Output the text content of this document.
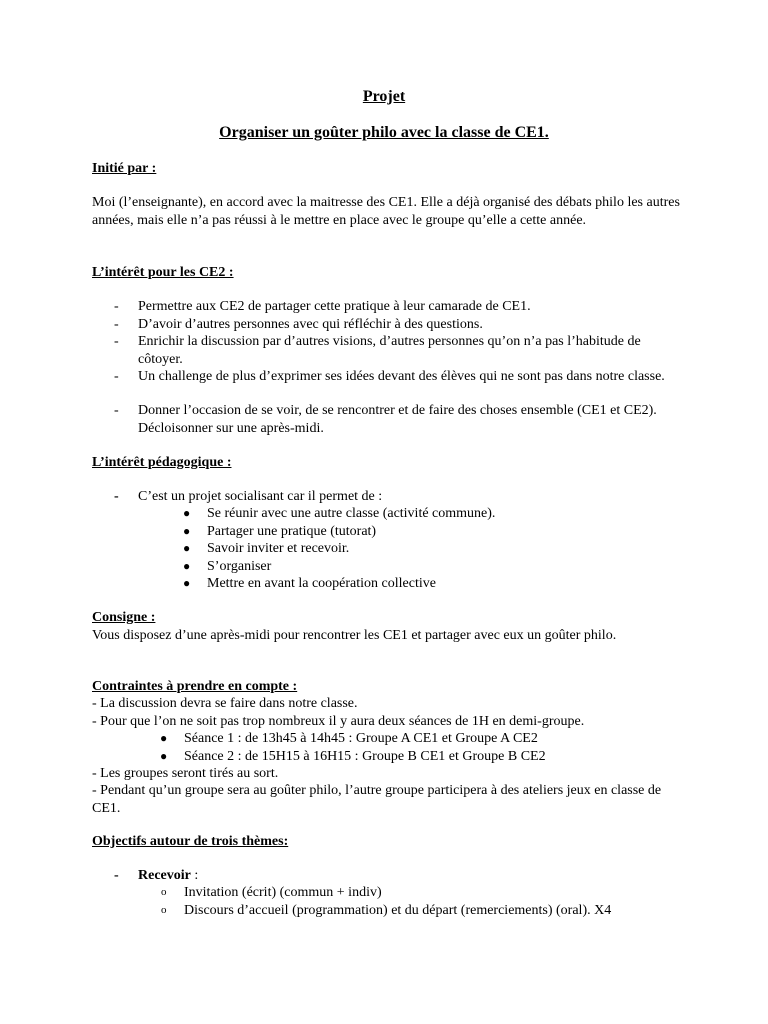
Projet
Organiser un goûter philo avec la classe de CE1.
Initié par :
Moi (l’enseignante), en accord avec la maitresse des CE1. Elle a déjà organisé des débats philo les autres années, mais elle n’a pas réussi à le mettre en place avec le groupe qu’elle a cette année.
L’intérêt pour les CE2 :
- Permettre aux CE2 de partager cette pratique à leur camarade de CE1.
- D’avoir d’autres personnes avec qui réfléchir à des questions.
- Enrichir la discussion par d’autres visions, d’autres personnes qu’on n’a pas l’habitude de côtoyer.
- Un challenge de plus d’exprimer ses idées devant des élèves qui ne sont pas dans notre classe.
- Donner l’occasion de se voir, de se rencontrer et de faire des choses ensemble (CE1 et CE2). Décloisonner sur une après-midi.
L’intérêt pédagogique :
- C’est un projet socialisant car il permet de :
● Se réunir avec une autre classe (activité commune).
● Partager une pratique (tutorat)
● Savoir inviter et recevoir.
● S’organiser
● Mettre en avant la coopération collective
Consigne :
Vous disposez d’une après-midi pour rencontrer les CE1 et partager avec eux un goûter philo.
Contraintes à prendre en compte :
- La discussion devra se faire dans notre classe.
- Pour que l’on ne soit pas trop nombreux il y aura deux séances de 1H en demi-groupe.
● Séance 1 : de 13h45 à 14h45 : Groupe A CE1 et Groupe A CE2
● Séance 2 : de 15H15 à 16H15 : Groupe B CE1 et Groupe B CE2
- Les groupes seront tirés au sort.
- Pendant qu’un groupe sera au goûter philo, l’autre groupe participera à des ateliers jeux en classe de CE1.
Objectifs autour de trois thèmes:
- Recevoir :
o Invitation (écrit) (commun + indiv)
o Discours d’accueil (programmation) et du départ (remerciements) (oral). X4
